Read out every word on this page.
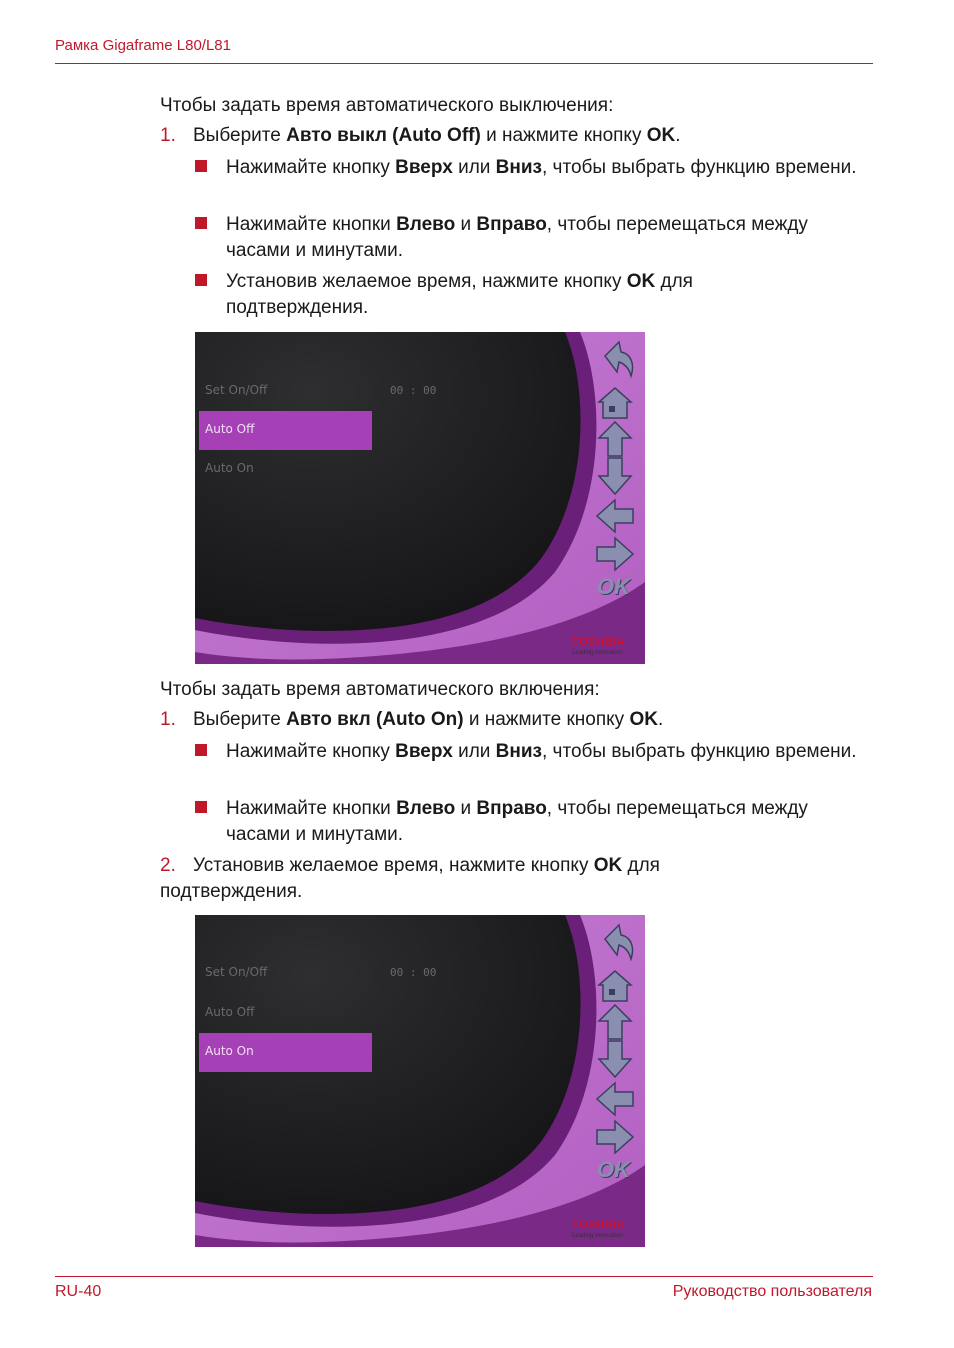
Рамка Gigaframe L80/L81
Чтобы задать время автоматического выключения:
1. Выберите Авто выкл (Auto Off) и нажмите кнопку OK.
Нажимайте кнопку Вверх или Вниз, чтобы выбрать функцию времени.
Нажимайте кнопки Влево и Вправо, чтобы перемещаться между часами и минутами.
Установив желаемое время, нажмите кнопку OK для подтверждения.
Set On/Off	00 : 00
Auto Off
Auto On
OK
TOSHIBA
Leading Innovation
Чтобы задать время автоматического включения:
1. Выберите Авто вкл (Auto On) и нажмите кнопку OK.
Нажимайте кнопку Вверх или Вниз, чтобы выбрать функцию времени.
Нажимайте кнопки Влево и Вправо, чтобы перемещаться между часами и минутами.
2. Установив желаемое время, нажмите кнопку OK для подтверждения.
Set On/Off	00 : 00
Auto Off
Auto On
OK
TOSHIBA
Leading Innovation
RU-40	Руководство пользователя
